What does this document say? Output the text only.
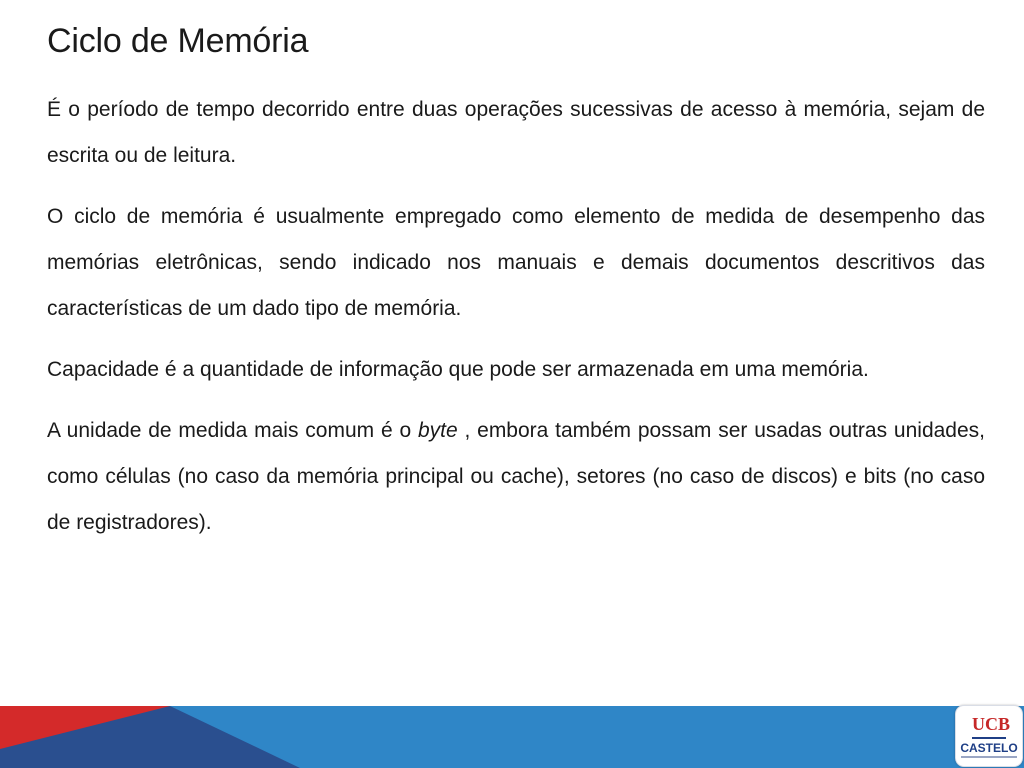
Ciclo de Memória

É o período de tempo decorrido entre duas operações sucessivas de acesso à memória, sejam de escrita ou de leitura.

O ciclo de memória é usualmente empregado como elemento de medida de desempenho das memórias eletrônicas, sendo indicado nos manuais e demais documentos descritivos das características de um dado tipo de memória.

Capacidade é a quantidade de informação que pode ser armazenada em uma memória.

A unidade de medida mais comum é o byte , embora também possam ser usadas outras unidades, como células (no caso da memória principal ou cache), setores (no caso de discos) e bits (no caso de registradores).

UCB
CASTELO
